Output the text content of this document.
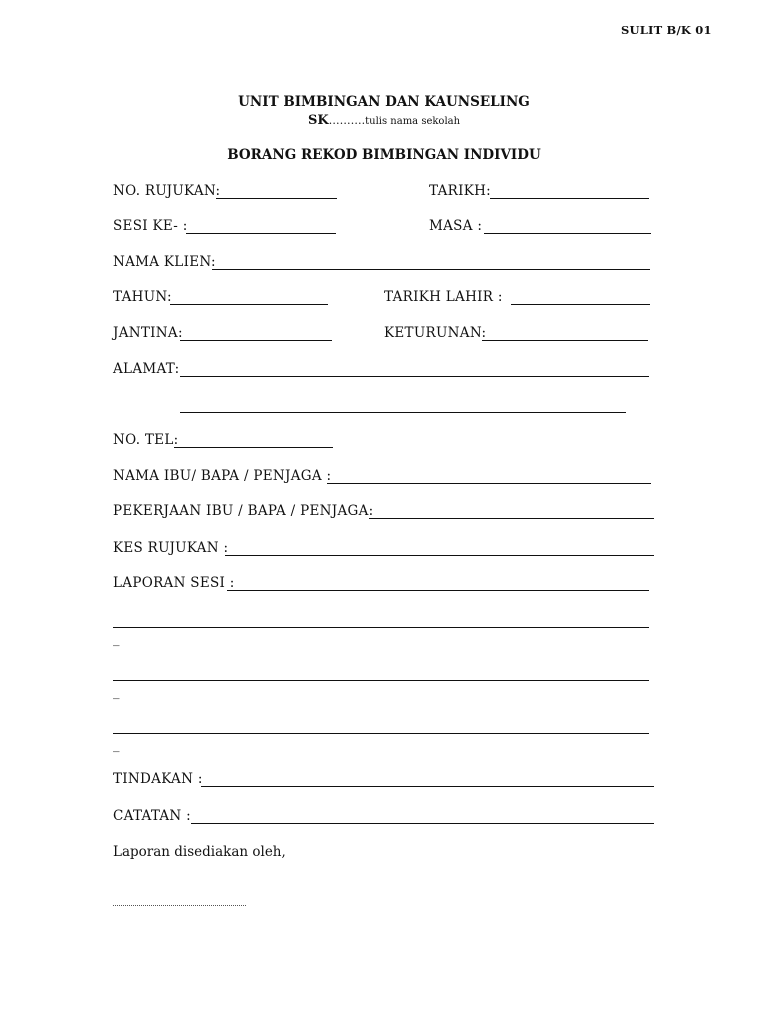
SULIT B/K 01
UNIT BIMBINGAN DAN KAUNSELING
SK……….tulis nama sekolah
BORANG REKOD BIMBINGAN INDIVIDU
NO. RUJUKAN:	TARIKH:
SESI KE- :	MASA :
NAMA KLIEN:
TAHUN:	TARIKH LAHIR :
JANTINA:	KETURUNAN:
ALAMAT:
NO. TEL:
NAMA IBU/ BAPA / PENJAGA :
PEKERJAAN IBU / BAPA / PENJAGA:
KES RUJUKAN :
LAPORAN SESI :
_
_
_
TINDAKAN :
CATATAN :
Laporan disediakan oleh,
